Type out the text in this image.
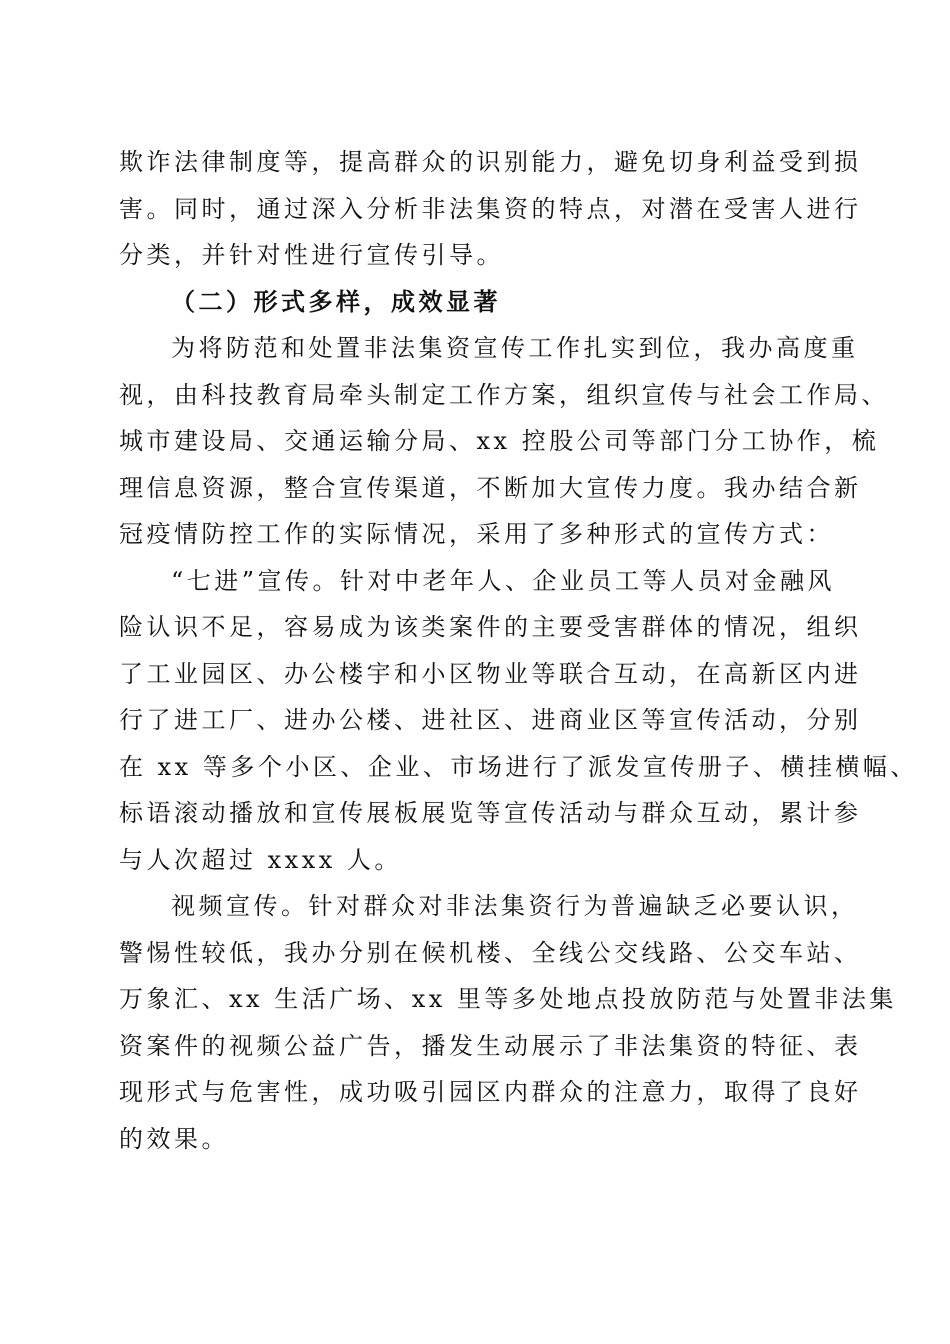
欺诈法律制度等，提高群众的识别能力，避免切身利益受到损
害。同时，通过深入分析非法集资的特点，对潜在受害人进行
分类，并针对性进行宣传引导。
（二）形式多样，成效显著
为将防范和处置非法集资宣传工作扎实到位，我办高度重
视，由科技教育局牵头制定工作方案，组织宣传与社会工作局、
城市建设局、交通运输分局、xx 控股公司等部门分工协作，梳
理信息资源，整合宣传渠道，不断加大宣传力度。我办结合新
冠疫情防控工作的实际情况，采用了多种形式的宣传方式：
“七进”宣传。针对中老年人、企业员工等人员对金融风
险认识不足，容易成为该类案件的主要受害群体的情况，组织
了工业园区、办公楼宇和小区物业等联合互动，在高新区内进
行了进工厂、进办公楼、进社区、进商业区等宣传活动，分别
在 xx 等多个小区、企业、市场进行了派发宣传册子、横挂横幅、
标语滚动播放和宣传展板展览等宣传活动与群众互动，累计参
与人次超过 xxxx 人。
视频宣传。针对群众对非法集资行为普遍缺乏必要认识，
警惕性较低，我办分别在候机楼、全线公交线路、公交车站、
万象汇、xx 生活广场、xx 里等多处地点投放防范与处置非法集
资案件的视频公益广告，播发生动展示了非法集资的特征、表
现形式与危害性，成功吸引园区内群众的注意力，取得了良好
的效果。
